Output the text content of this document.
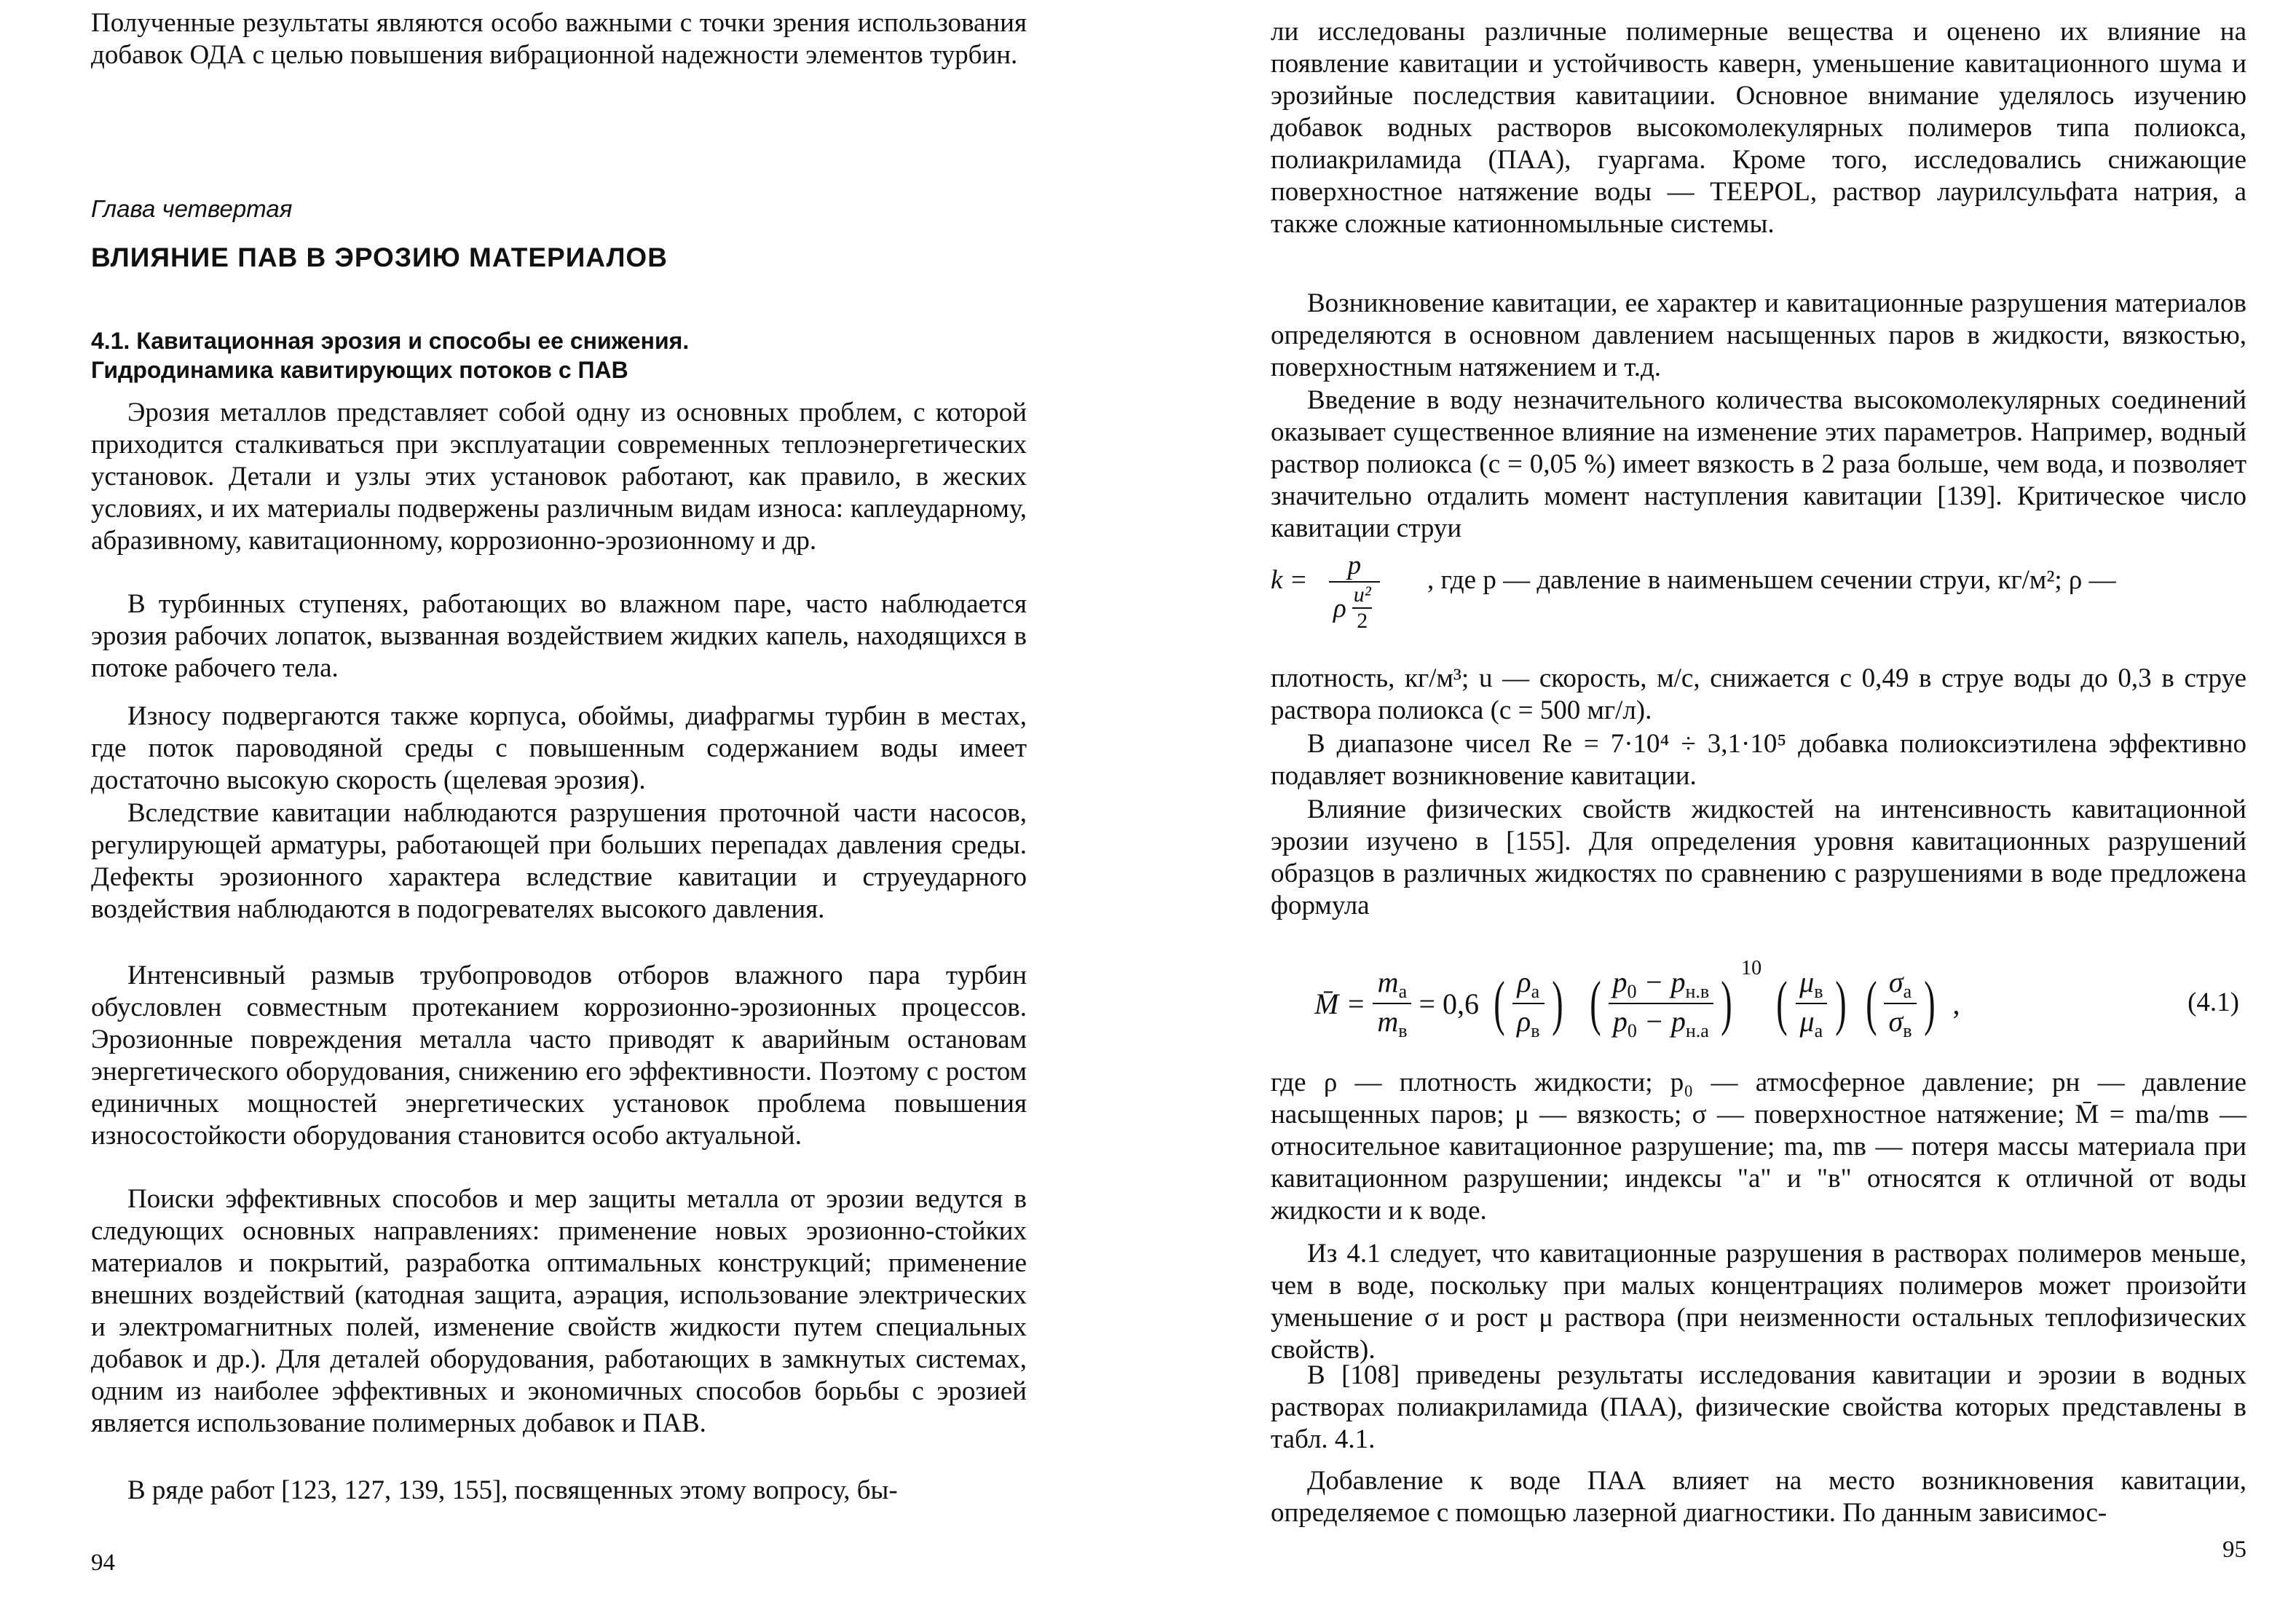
Полученные результаты являются особо важными с точки зрения использования добавок ОДА с целью повышения вибрационной надежности элементов турбин.

Глава четвертая
ВЛИЯНИЕ ПАВ В ЭРОЗИЮ МАТЕРИАЛОВ
4.1. Кавитационная эрозия и способы ее снижения.
Гидродинамика кавитирующих потоков с ПАВ

Эрозия металлов представляет собой одну из основных проблем, с которой приходится сталкиваться при эксплуатации современных теплоэнергетических установок. Детали и узлы этих установок работают, как правило, в жеских условиях, и их материалы подвержены различным видам износа: каплеударному, абразивному, кавитационному, коррозионно-эрозионному и др.

В турбинных ступенях, работающих во влажном паре, часто наблюдается эрозия рабочих лопаток, вызванная воздействием жидких капель, находящихся в потоке рабочего тела.

Износу подвергаются также корпуса, обоймы, диафрагмы турбин в местах, где поток пароводяной среды с повышенным содержанием воды имеет достаточно высокую скорость (щелевая эрозия).

Вследствие кавитации наблюдаются разрушения проточной части насосов, регулирующей арматуры, работающей при больших перепадах давления среды. Дефекты эрозионного характера вследствие кавитации и струеударного воздействия наблюдаются в подогревателях высокого давления.

Интенсивный размыв трубопроводов отборов влажного пара турбин обусловлен совместным протеканием коррозионно-эрозионных процессов. Эрозионные повреждения металла часто приводят к аварийным остановам энергетического оборудования, снижению его эффективности. Поэтому с ростом единичных мощностей энергетических установок проблема повышения износостойкости оборудования становится особо актуальной.

Поиски эффективных способов и мер защиты металла от эрозии ведутся в следующих основных направлениях: применение новых эрозионно-стойких материалов и покрытий, разработка оптимальных конструкций; применение внешних воздействий (катодная защита, аэрация, использование электрических и электромагнитных полей, изменение свойств жидкости путем специальных добавок и др.). Для деталей оборудования, работающих в замкнутых системах, одним из наиболее эффективных и экономичных способов борьбы с эрозией является использование полимерных добавок и ПАВ.

В ряде работ [123, 127, 139, 155], посвященных этому вопросу, бы-

94

ли исследованы различные полимерные вещества и оценено их влияние на появление кавитации и устойчивость каверн, уменьшение кавитационного шума и эрозийные последствия кавитациии. Основное внимание уделялось изучению добавок водных растворов высокомолекулярных полимеров типа полиокса, полиакриламида (ПАА), гуаргама. Кроме того, исследовались снижающие поверхностное натяжение воды — TEEPOL, раствор лаурилсульфата натрия, а также сложные катионномыльные системы.

Возникновение кавитации, ее характер и кавитационные разрушения материалов определяются в основном давлением насыщенных паров в жидкости, вязкостью, поверхностным натяжением и т.д.

Введение в воду незначительного количества высокомолекулярных соединений оказывает существенное влияние на изменение этих параметров. Например, водный раствор полиокса (c = 0,05 %) имеет вязкость в 2 раза больше, чем вода, и позволяет значительно отдалить момент наступления кавитации [139]. Критическое число кавитации струи

$k = \frac{p}{\rho \frac{\text{u²}}{2}}$ , где p — давление в наименьшем сечении струи, кг/м²; ρ —

плотность, кг/м³; u — скорость, м/с, снижается с 0,49 в струе воды до 0,3 в струе раствора полиокса (c = 500 мг/л).

В диапазоне чисел Re = 7·10⁴ ÷ 3,1·10⁵ добавка полиоксиэтилена эффективно подавляет возникновение кавитации.

Влияние физических свойств жидкостей на интенсивность кавитационной эрозии изучено в [155]. Для определения уровня кавитационных разрушений образцов в различных жидкостях по сравнению с разрушениями в воде предложена формула

M̄ = $\frac{m_а}{m_в} = 0,6$ ( $\frac{\rho_а}{\rho_в}$ ) ( $\frac{p_0 - p_{н.в}}{p_0 - p_{н.а}}$ )
10
( $\frac{\mu_в}{\mu_а}$ ) ( $\frac{\sigma_а}{\sigma_в}$ ) ,	(4.1)

где ρ — плотность жидкости; p₀ — атмосферное давление; pн — давление насыщенных паров; μ — вязкость; σ — поверхностное натяжение; M̄ = mа/mв — относительное кавитационное разрушение; mа, mв — потеря массы материала при кавитационном разрушении; индексы "а" и "в" относятся к отличной от воды жидкости и к воде.

Из 4.1 следует, что кавитационные разрушения в растворах полимеров меньше, чем в воде, поскольку при малых концентрациях полимеров может произойти уменьшение σ и рост μ раствора (при неизменности остальных теплофизических свойств).

В [108] приведены результаты исследования кавитации и эрозии в водных растворах полиакриламида (ПАА), физические свойства которых представлены в табл. 4.1.

Добавление к воде ПАА влияет на место возникновения кавитации, определяемое с помощью лазерной диагностики. По данным зависимос-

95
